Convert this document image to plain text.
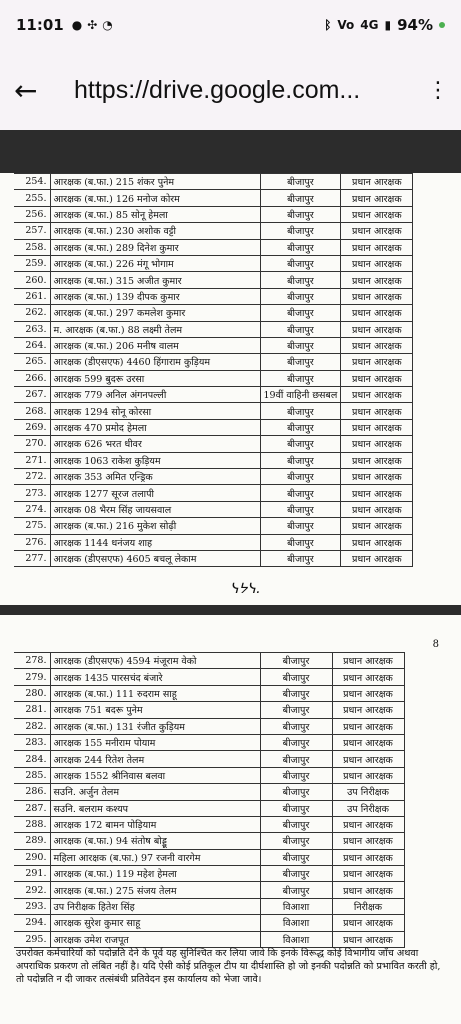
11:01 ● ✣ ◔	ᛒ Vo 4G ▮ 94%
←	https://drive.google.com...	⋮
254.	आरक्षक (ब.फा.) 215 शंकर पुनेम	बीजापुर	प्रधान आरक्षक
255.	आरक्षक (ब.फा.) 126 मनोज कोरम	बीजापुर	प्रधान आरक्षक
256.	आरक्षक (ब.फा.) 85 सोनू हेमला	बीजापुर	प्रधान आरक्षक
257.	आरक्षक (ब.फा.) 230 अशोक वट्टी	बीजापुर	प्रधान आरक्षक
258.	आरक्षक (ब.फा.) 289 दिनेश कुमार	बीजापुर	प्रधान आरक्षक
259.	आरक्षक (ब.फा.) 226 मंगू भोगाम	बीजापुर	प्रधान आरक्षक
260.	आरक्षक (ब.फा.) 315 अजीत कुमार	बीजापुर	प्रधान आरक्षक
261.	आरक्षक (ब.फा.) 139 दीपक कुमार	बीजापुर	प्रधान आरक्षक
262.	आरक्षक (ब.फा.) 297 कमलेश कुमार	बीजापुर	प्रधान आरक्षक
263.	म. आरक्षक (ब.फा.) 88 लक्ष्मी तेलम	बीजापुर	प्रधान आरक्षक
264.	आरक्षक (ब.फा.) 206 मनीष वालम	बीजापुर	प्रधान आरक्षक
265.	आरक्षक (डीएसएफ) 4460 हिंगाराम कुड़ियम	बीजापुर	प्रधान आरक्षक
266.	आरक्षक 599 बुदरू उरसा	बीजापुर	प्रधान आरक्षक
267.	आरक्षक 779 अनिल अंगनपल्ली	19वीं वाहिनी छसबल	प्रधान आरक्षक
268.	आरक्षक 1294 सोनू कोरसा	बीजापुर	प्रधान आरक्षक
269.	आरक्षक 470 प्रमोद हेमला	बीजापुर	प्रधान आरक्षक
270.	आरक्षक 626 भरत धीवर	बीजापुर	प्रधान आरक्षक
271.	आरक्षक 1063 राकेश कुड़ियम	बीजापुर	प्रधान आरक्षक
272.	आरक्षक 353 अमित एन्ड्रिक	बीजापुर	प्रधान आरक्षक
273.	आरक्षक 1277 सूरज तलापी	बीजापुर	प्रधान आरक्षक
274.	आरक्षक 08 भैरम सिंह जायसवाल	बीजापुर	प्रधान आरक्षक
275.	आरक्षक (ब.फा.) 216 मुकेश सोढ़ी	बीजापुर	प्रधान आरक्षक
276.	आरक्षक 1144 धनंजय शाह	बीजापुर	प्रधान आरक्षक
277.	आरक्षक (डीएसएफ) 4605 बचलू लेकाम	बीजापुर	प्रधान आरक्षक
ᓭᔭᓭ.
8
278.	आरक्षक (डीएसएफ) 4594 मंजूराम वेको	बीजापुर	प्रधान आरक्षक
279.	आरक्षक 1435 पारसचंद बंजारे	बीजापुर	प्रधान आरक्षक
280.	आरक्षक (ब.फा.) 111 रुदराम साहू	बीजापुर	प्रधान आरक्षक
281.	आरक्षक 751 बदरू पुनेम	बीजापुर	प्रधान आरक्षक
282.	आरक्षक (ब.फा.) 131 रंजीत कुड़ियम	बीजापुर	प्रधान आरक्षक
283.	आरक्षक 155 मनीराम पोयाम	बीजापुर	प्रधान आरक्षक
284.	आरक्षक 244 रितेश तेलम	बीजापुर	प्रधान आरक्षक
285.	आरक्षक 1552 श्रीनिवास बलवा	बीजापुर	प्रधान आरक्षक
286.	सउनि. अर्जुन तेलम	बीजापुर	उप निरीक्षक
287.	सउनि. बलराम कश्यप	बीजापुर	उप निरीक्षक
288.	आरक्षक 172 बामन पोड़ियाम	बीजापुर	प्रधान आरक्षक
289.	आरक्षक (ब.फा.) 94 संतोष बोड्डू	बीजापुर	प्रधान आरक्षक
290.	महिला आरक्षक (ब.फा.) 97 रजनी वारगेम	बीजापुर	प्रधान आरक्षक
291.	आरक्षक (ब.फा.) 119 महेश हेमला	बीजापुर	प्रधान आरक्षक
292.	आरक्षक (ब.फा.) 275 संजय तेलम	बीजापुर	प्रधान आरक्षक
293.	उप निरीक्षक हितेश सिंह	विआशा	निरीक्षक
294.	आरक्षक सुरेश कुमार साहू	विआशा	प्रधान आरक्षक
295.	आरक्षक उमेश राजपूत	विआशा	प्रधान आरक्षक
उपरोक्त कर्मचारियों को पदोन्नति देने के पूर्व यह सुनिश्चित कर लिया जावे कि इनके विरूद्ध कोई विभागीय जाँच अथवा अपराधिक प्रकरण तो लंबित नहीं है। यदि ऐसी कोई प्रतिकूल टीप या दीर्घशास्ति हो जो इनकी पदोन्नति को प्रभावित करती हो, तो पदोन्नति न दी जाकर तत्संबंधी प्रतिवेदन इस कार्यालय को भेजा जावे।
